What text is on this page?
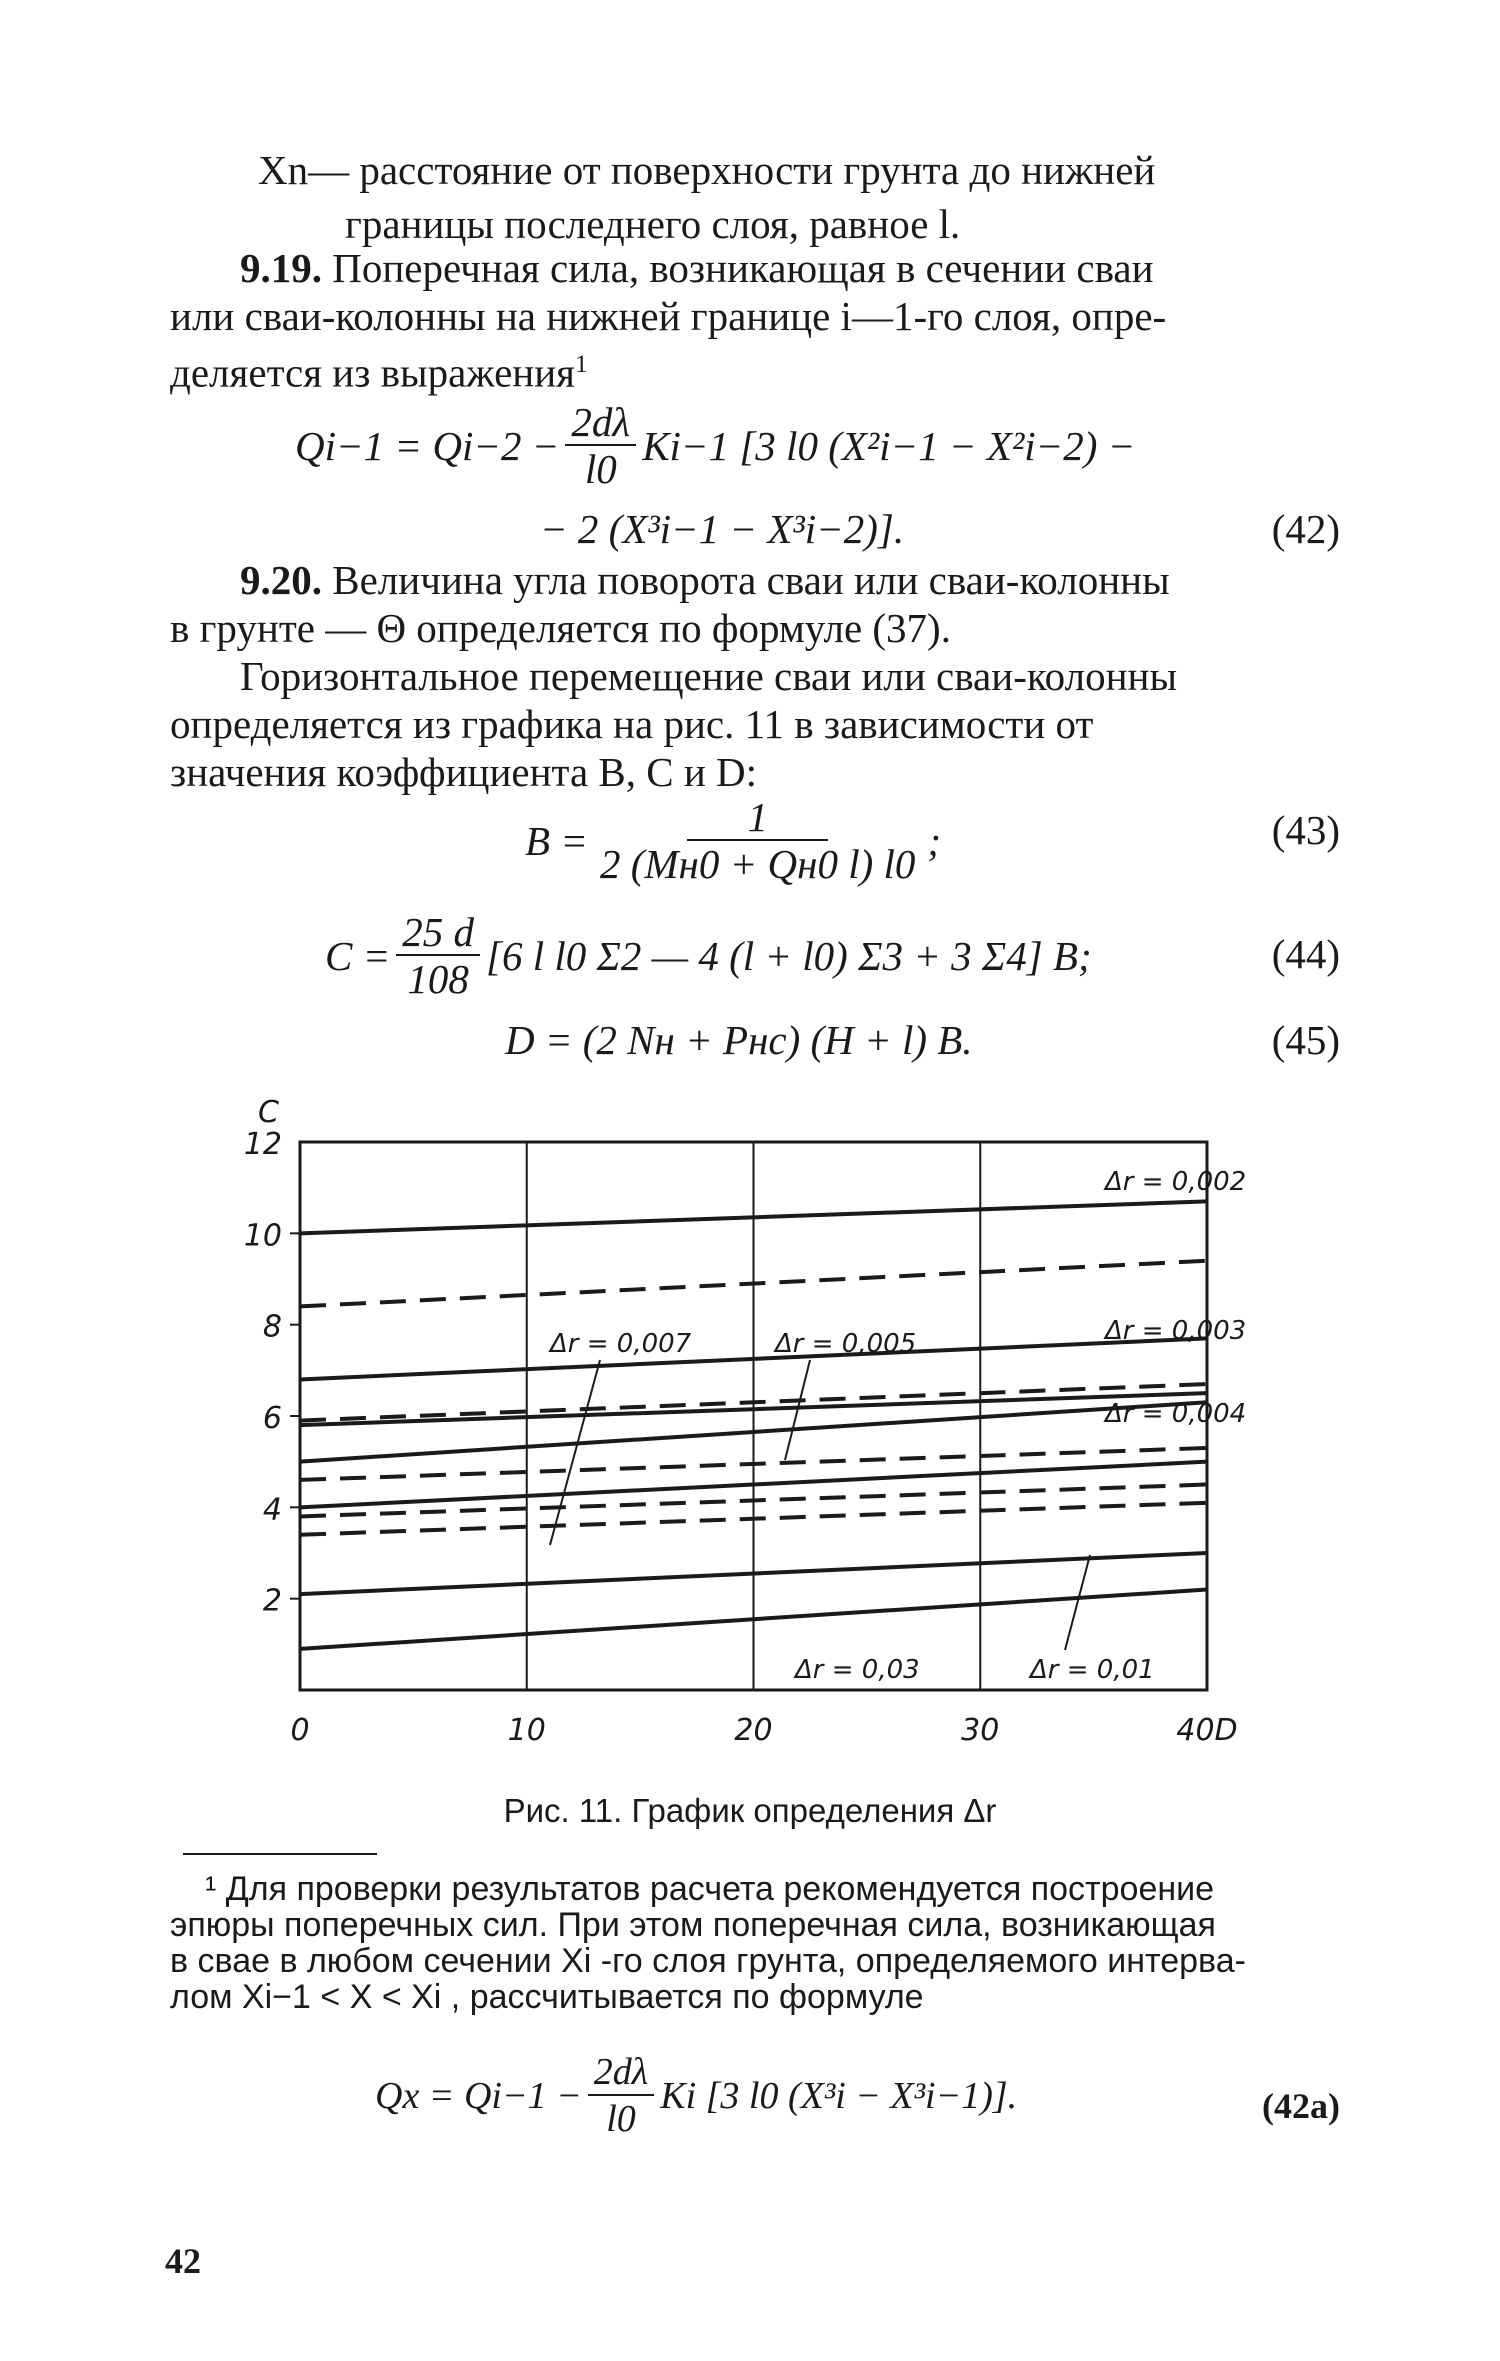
Xn— расстояние от поверхности грунта до нижней
границы последнего слоя, равное l.
9.19. Поперечная сила, возникающая в сечении сваи
или сваи-колонны на нижней границе i—1-го слоя, опре-
деляется из выражения$^1$
$Qi-1 = Qi-2 - \frac{2d\lambda}{l0} Ki-1$ [3 l0 (X²i−1 − X²i−2) −
− 2 (X³i−1 − X³i−2)].	(42)
9.20. Величина угла поворота сваи или сваи-колонны
в грунте — Θ определяется по формуле (37).
Горизонтальное перемещение сваи или сваи-колонны
определяется из графика на рис. 11 в зависимости от
значения коэффициента B, C и D:
$B = \frac{1}{2 (Mн0 + Qн0 l) l0}$ ;	(43)
$C = \frac{25 d}{108} [6$ l l0 Σ2 — 4 (l + l0) Σ3 + 3 Σ4] B;	(44)
D = (2 Nн + Pнс) (H + l) B.	(45)
2
4
6
8
10
12
0	10	20	30	40D
C
Δr = 0,002
Δr = 0,003
Δr = 0,004
Δr = 0,005
Δr = 0,007
Δr = 0,01
Δr = 0,03
Рис. 11. График определения Δr
¹ Для проверки результатов расчета рекомендуется построение
эпюры поперечных сил. При этом поперечная сила, возникающая
в свае в любом сечении Xi -го слоя грунта, определяемого интерва-
лом Xi−1 < X < Xi , рассчитывается по формуле
$Qx = Qi-1 - \frac{2d\lambda}{l0}$ Ki [3 l0 (X³i − X³i−1)].	(42а)
42
